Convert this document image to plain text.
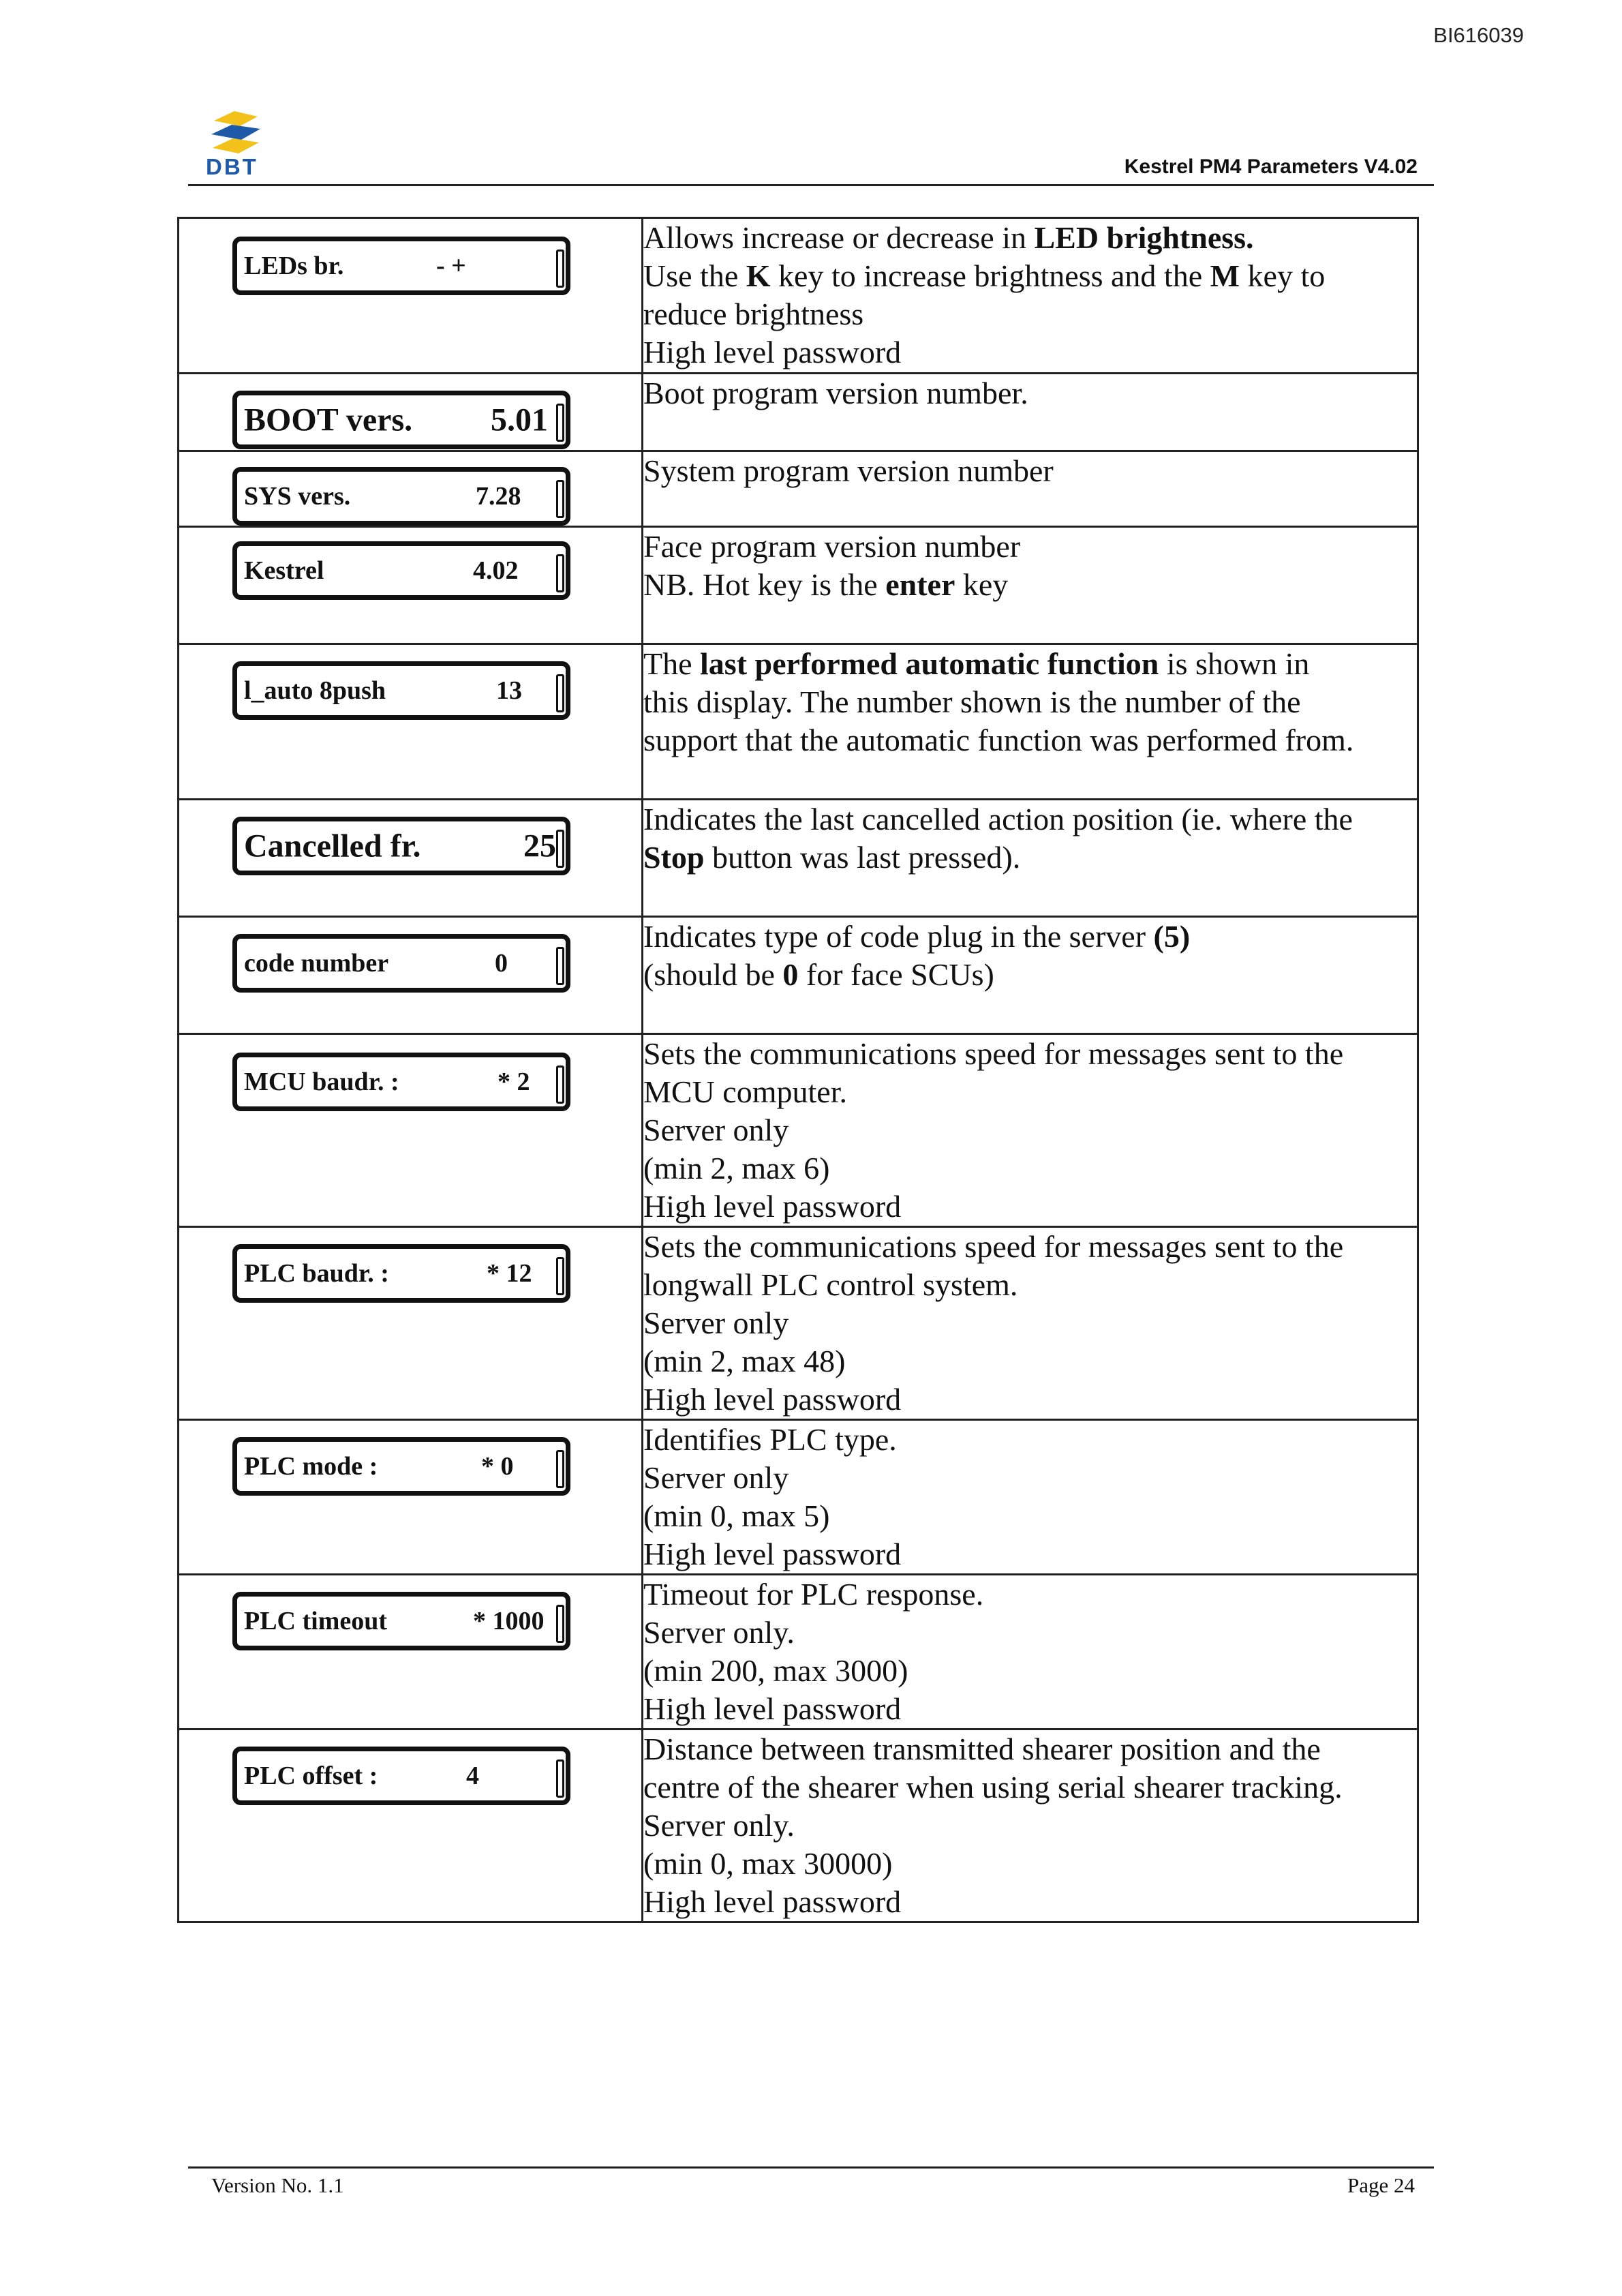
BI616039
DBT	Kestrel PM4 Parameters V4.02
LEDs br. - +	Allows increase or decrease in LED brightness.
Use the K key to increase brightness and the M key to
reduce brightness
High level password

BOOT vers. 5.01	Boot program version number.

SYS vers. 7.28	System program version number

Kestrel 4.02	Face program version number
NB. Hot key is the enter key

l_auto 8push 13	The last performed automatic function is shown in
this display. The number shown is the number of the
support that the automatic function was performed from.

Cancelled fr. 25	Indicates the last cancelled action position (ie. where the
Stop button was last pressed).

code number 0	Indicates type of code plug in the server (5)
(should be 0 for face SCUs)

MCU baudr. : * 2	Sets the communications speed for messages sent to the
MCU computer.
Server only
(min 2, max 6)
High level password

PLC baudr. : * 12	Sets the communications speed for messages sent to the
longwall PLC control system.
Server only
(min 2, max 48)
High level password

PLC mode : * 0	Identifies PLC type.
Server only
(min 0, max 5)
High level password

PLC timeout * 1000	Timeout for PLC response.
Server only.
(min 200, max 3000)
High level password

PLC offset : 4	Distance between transmitted shearer position and the
centre of the shearer when using serial shearer tracking.
Server only.
(min 0, max 30000)
High level password
Version No. 1.1	Page 24
